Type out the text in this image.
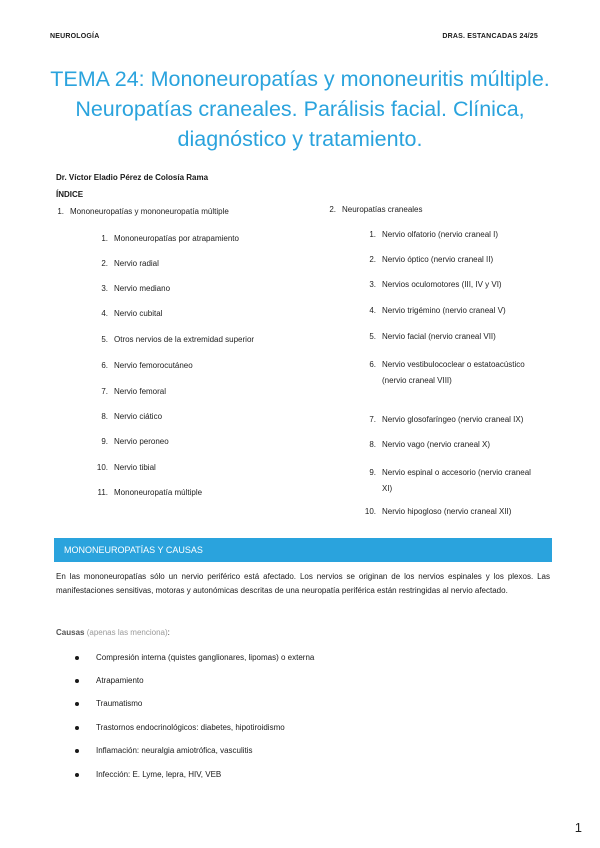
NEUROLOGÍA	DRAS. ESTANCADAS 24/25
TEMA 24: Mononeuropatías y mononeuritis múltiple. Neuropatías craneales. Parálisis facial. Clínica, diagnóstico y tratamiento.
Dr. Víctor Eladio Pérez de Colosía Rama
ÍNDICE
1. Mononeuropatías y mononeuropatía múltiple
1. Mononeuropatías por atrapamiento
2. Nervio radial
3. Nervio mediano
4. Nervio cubital
5. Otros nervios de la extremidad superior
6. Nervio femorocutáneo
7. Nervio femoral
8. Nervio ciático
9. Nervio peroneo
10. Nervio tibial
11. Mononeuropatía múltiple
2. Neuropatías craneales
1. Nervio olfatorio (nervio craneal I)
2. Nervio óptico (nervio craneal II)
3. Nervios oculomotores (III, IV y VI)
4. Nervio trigémino (nervio craneal V)
5. Nervio facial (nervio craneal VII)
6. Nervio vestibulococlear o estatoacústico (nervio craneal VIII)
7. Nervio glosofaríngeo (nervio craneal IX)
8. Nervio vago (nervio craneal X)
9. Nervio espinal o accesorio (nervio craneal XI)
10. Nervio hipogloso (nervio craneal XII)
MONONEUROPATÍAS Y CAUSAS

En las mononeuropatías sólo un nervio periférico está afectado. Los nervios se originan de los nervios espinales y los plexos. Las manifestaciones sensitivas, motoras y autonómicas descritas de una neuropatía periférica están restringidas al nervio afectado.

Causas (apenas las menciona):
Compresión interna (quistes ganglionares, lipomas) o externa
Atrapamiento
Traumatismo
Trastornos endocrinológicos: diabetes, hipotiroidismo
Inflamación: neuralgia amiotrófica, vasculitis
Infección: E. Lyme, lepra, HIV, VEB
1
